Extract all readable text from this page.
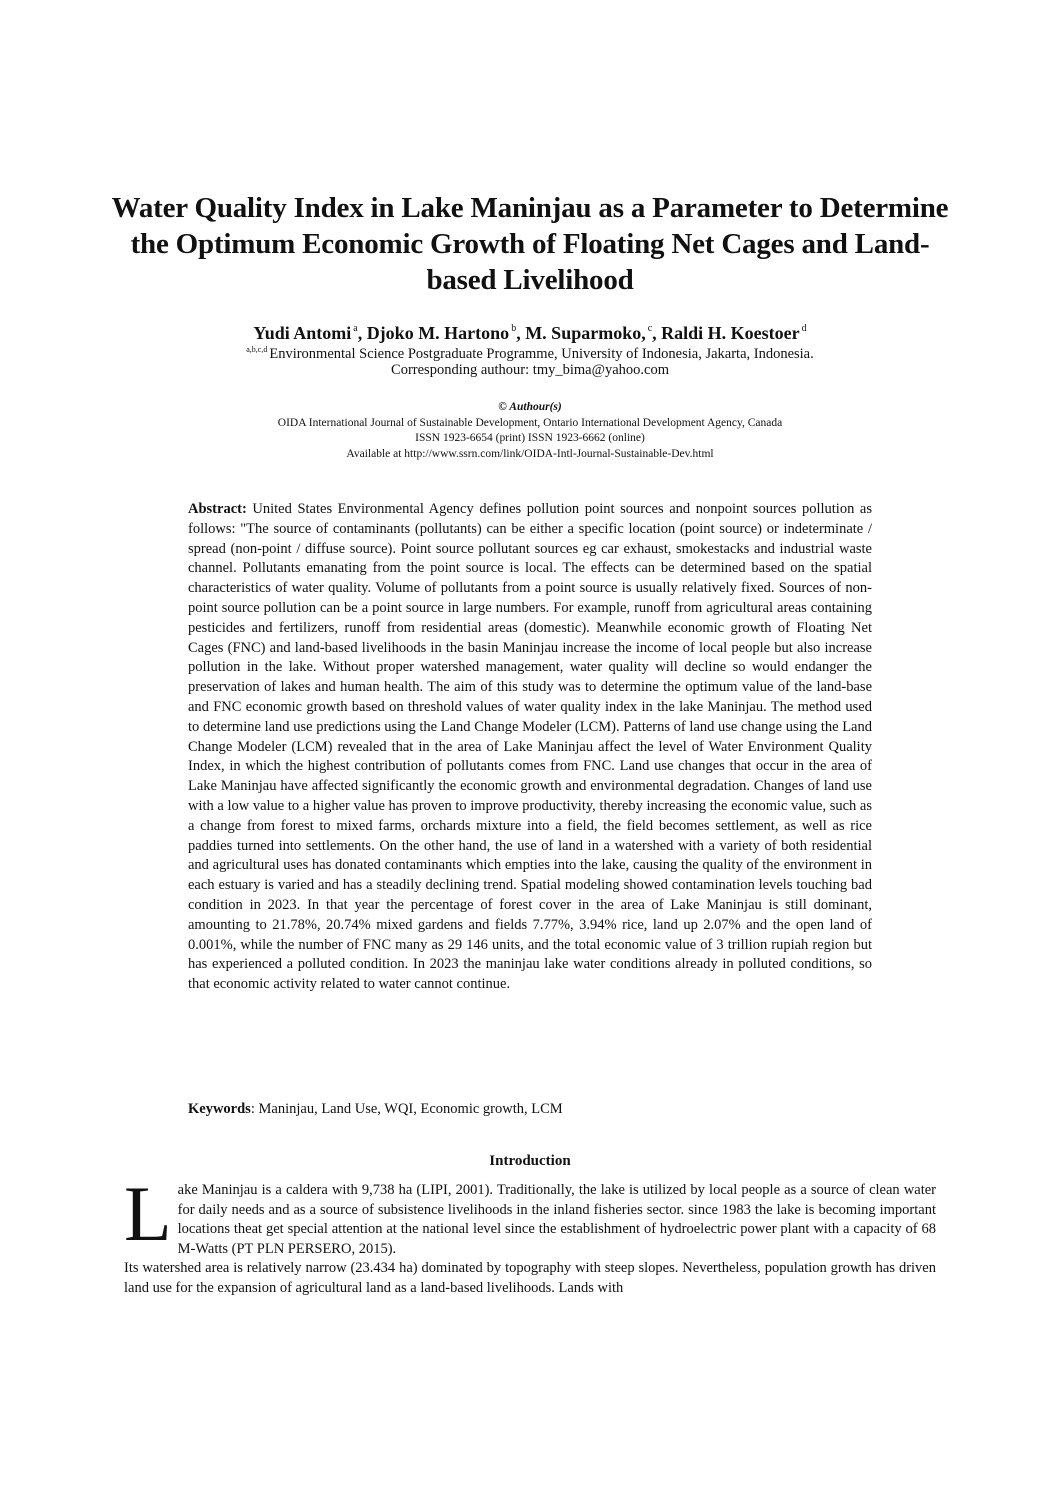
Water Quality Index in Lake Maninjau as a Parameter to Determine the Optimum Economic Growth of Floating Net Cages and Land-based Livelihood
Yudi Antomi $^a$, Djoko M. Hartono $^b$, M. Suparmoko, $^c$, Raldi H. Koestoer $^d$
$^{a,b,c,d}$ Environmental Science Postgraduate Programme, University of Indonesia, Jakarta, Indonesia.
Corresponding authour: tmy_bima@yahoo.com
© Authour(s)
OIDA International Journal of Sustainable Development, Ontario International Development Agency, Canada
ISSN 1923-6654 (print) ISSN 1923-6662 (online)
Available at http://www.ssrn.com/link/OIDA-Intl-Journal-Sustainable-Dev.html
Abstract: United States Environmental Agency defines pollution point sources and nonpoint sources pollution as follows: "The source of contaminants (pollutants) can be either a specific location (point source) or indeterminate / spread (non-point / diffuse source). Point source pollutant sources eg car exhaust, smokestacks and industrial waste channel. Pollutants emanating from the point source is local. The effects can be determined based on the spatial characteristics of water quality. Volume of pollutants from a point source is usually relatively fixed. Sources of non-point source pollution can be a point source in large numbers. For example, runoff from agricultural areas containing pesticides and fertilizers, runoff from residential areas (domestic). Meanwhile economic growth of Floating Net Cages (FNC) and land-based livelihoods in the basin Maninjau increase the income of local people but also increase pollution in the lake. Without proper watershed management, water quality will decline so would endanger the preservation of lakes and human health. The aim of this study was to determine the optimum value of the land-base and FNC economic growth based on threshold values of water quality index in the lake Maninjau. The method used to determine land use predictions using the Land Change Modeler (LCM). Patterns of land use change using the Land Change Modeler (LCM) revealed that in the area of Lake Maninjau affect the level of Water Environment Quality Index, in which the highest contribution of pollutants comes from FNC. Land use changes that occur in the area of Lake Maninjau have affected significantly the economic growth and environmental degradation. Changes of land use with a low value to a higher value has proven to improve productivity, thereby increasing the economic value, such as a change from forest to mixed farms, orchards mixture into a field, the field becomes settlement, as well as rice paddies turned into settlements. On the other hand, the use of land in a watershed with a variety of both residential and agricultural uses has donated contaminants which empties into the lake, causing the quality of the environment in each estuary is varied and has a steadily declining trend. Spatial modeling showed contamination levels touching bad condition in 2023. In that year the percentage of forest cover in the area of Lake Maninjau is still dominant, amounting to 21.78%, 20.74% mixed gardens and fields 7.77%, 3.94% rice, land up 2.07% and the open land of 0.001%, while the number of FNC many as 29 146 units, and the total economic value of 3 trillion rupiah region but has experienced a polluted condition. In 2023 the maninjau lake water conditions already in polluted conditions, so that economic activity related to water cannot continue.
Keywords: Maninjau, Land Use, WQI, Economic growth, LCM
Introduction

Lake Maninjau is a caldera with 9,738 ha (LIPI, 2001). Traditionally, the lake is utilized by local people as a source of clean water for daily needs and as a source of subsistence livelihoods in the inland fisheries sector. since 1983 the lake is becoming important locations theat get special attention at the national level since the establishment of hydroelectric power plant with a capacity of 68 M-Watts (PT PLN PERSERO, 2015).

Its watershed area is relatively narrow (23.434 ha) dominated by topography with steep slopes. Nevertheless, population growth has driven land use for the expansion of agricultural land as a land-based livelihoods. Lands with
